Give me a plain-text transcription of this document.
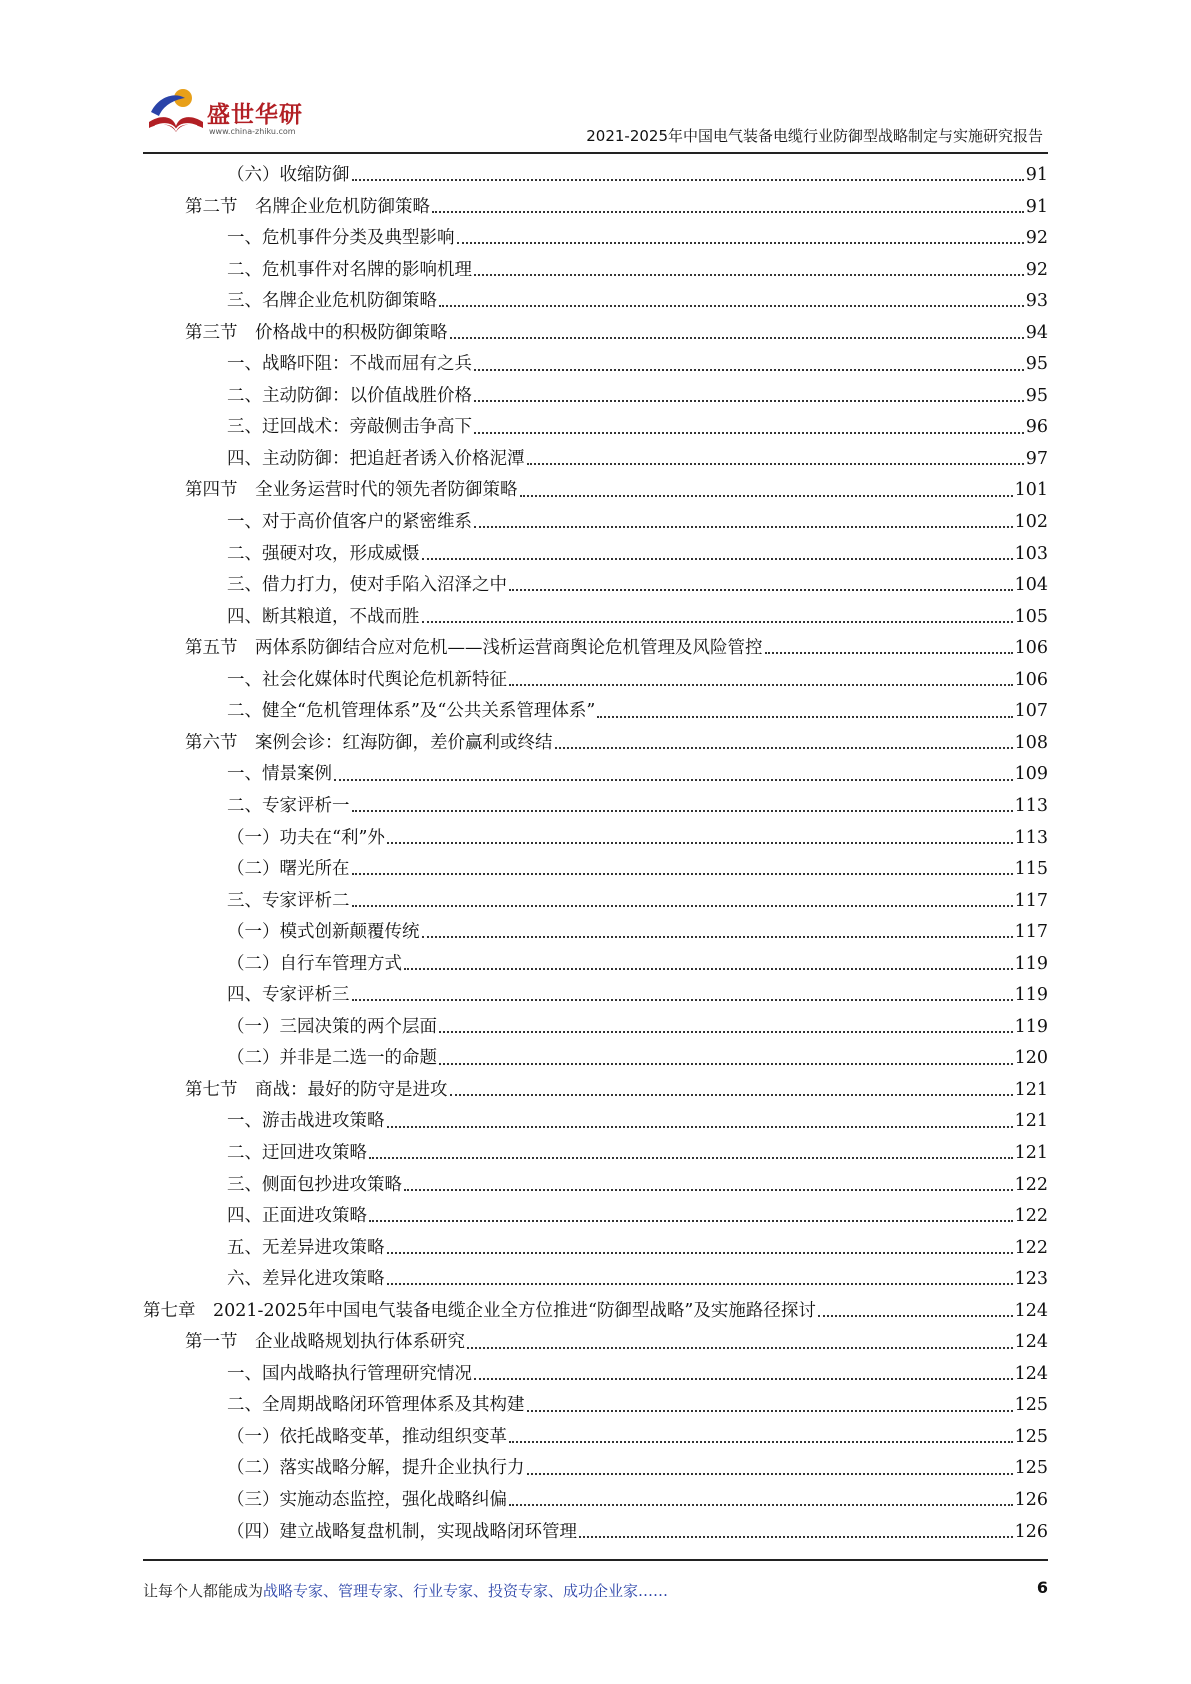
盛世华研
www.china-zhiku.com	2021-2025年中国电气装备电缆行业防御型战略制定与实施研究报告
（六）收缩防御	91
第二节　名牌企业危机防御策略	91
一、危机事件分类及典型影响	92
二、危机事件对名牌的影响机理	92
三、名牌企业危机防御策略	93
第三节　价格战中的积极防御策略	94
一、战略吓阻：不战而屈有之兵	95
二、主动防御：以价值战胜价格	95
三、迂回战术：旁敲侧击争高下	96
四、主动防御：把追赶者诱入价格泥潭	97
第四节　全业务运营时代的领先者防御策略	101
一、对于高价值客户的紧密维系	102
二、强硬对攻，形成威慑	103
三、借力打力，使对手陷入沼泽之中	104
四、断其粮道，不战而胜	105
第五节　两体系防御结合应对危机——浅析运营商舆论危机管理及风险管控	106
一、社会化媒体时代舆论危机新特征	106
二、健全“危机管理体系”及“公共关系管理体系”	107
第六节　案例会诊：红海防御，差价赢利或终结	108
一、情景案例	109
二、专家评析一	113
（一）功夫在“利”外	113
（二）曙光所在	115
三、专家评析二	117
（一）模式创新颠覆传统	117
（二）自行车管理方式	119
四、专家评析三	119
（一）三园决策的两个层面	119
（二）并非是二选一的命题	120
第七节　商战：最好的防守是进攻	121
一、游击战进攻策略	121
二、迂回进攻策略	121
三、侧面包抄进攻策略	122
四、正面进攻策略	122
五、无差异进攻策略	122
六、差异化进攻策略	123
第七章　2021-2025年中国电气装备电缆企业全方位推进“防御型战略”及实施路径探讨	124
第一节　企业战略规划执行体系研究	124
一、国内战略执行管理研究情况	124
二、全周期战略闭环管理体系及其构建	125
（一）依托战略变革，推动组织变革	125
（二）落实战略分解，提升企业执行力	125
（三）实施动态监控，强化战略纠偏	126
（四）建立战略复盘机制，实现战略闭环管理	126
让每个人都能成为战略专家、管理专家、行业专家、投资专家、成功企业家……	6
